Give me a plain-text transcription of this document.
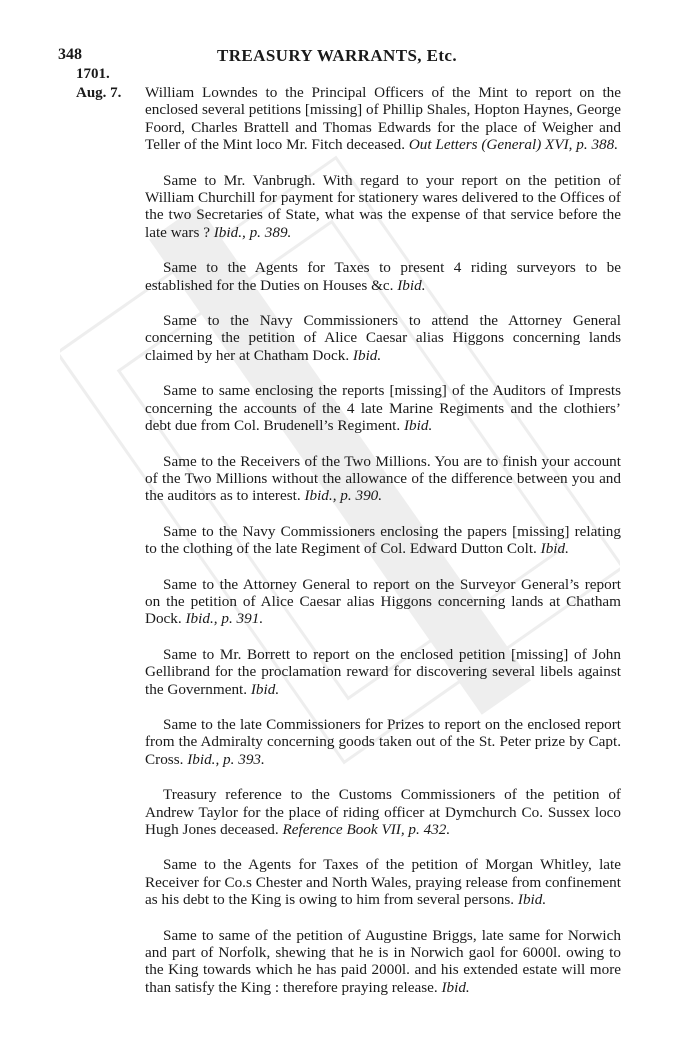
348	TREASURY WARRANTS, Etc.
1701.
Aug. 7. William Lowndes to the Principal Officers of the Mint to report on the enclosed several petitions [missing] of Phillip Shales, Hopton Haynes, George Foord, Charles Brattell and Thomas Edwards for the place of Weigher and Teller of the Mint loco Mr. Fitch deceased. Out Letters (General) XVI, p. 388.

Same to Mr. Vanbrugh. With regard to your report on the petition of William Churchill for payment for stationery wares delivered to the Offices of the two Secretaries of State, what was the expense of that service before the late wars ? Ibid., p. 389.

Same to the Agents for Taxes to present 4 riding surveyors to be established for the Duties on Houses &c. Ibid.

Same to the Navy Commissioners to attend the Attorney General concerning the petition of Alice Caesar alias Higgons concerning lands claimed by her at Chatham Dock. Ibid.

Same to same enclosing the reports [missing] of the Auditors of Imprests concerning the accounts of the 4 late Marine Regiments and the clothiers’ debt due from Col. Brudenell’s Regiment. Ibid.

Same to the Receivers of the Two Millions. You are to finish your account of the Two Millions without the allowance of the difference between you and the auditors as to interest. Ibid., p. 390.

Same to the Navy Commissioners enclosing the papers [missing] relating to the clothing of the late Regiment of Col. Edward Dutton Colt. Ibid.

Same to the Attorney General to report on the Surveyor General’s report on the petition of Alice Caesar alias Higgons concerning lands at Chatham Dock. Ibid., p. 391.

Same to Mr. Borrett to report on the enclosed petition [missing] of John Gellibrand for the proclamation reward for discovering several libels against the Government. Ibid.

Same to the late Commissioners for Prizes to report on the enclosed report from the Admiralty concerning goods taken out of the St. Peter prize by Capt. Cross. Ibid., p. 393.

Treasury reference to the Customs Commissioners of the petition of Andrew Taylor for the place of riding officer at Dymchurch Co. Sussex loco Hugh Jones deceased. Reference Book VII, p. 432.

Same to the Agents for Taxes of the petition of Morgan Whitley, late Receiver for Co.s Chester and North Wales, praying release from confinement as his debt to the King is owing to him from several persons. Ibid.

Same to same of the petition of Augustine Briggs, late same for Norwich and part of Norfolk, shewing that he is in Norwich gaol for 6000l. owing to the King towards which he has paid 2000l. and his extended estate will more than satisfy the King : therefore praying release. Ibid.
